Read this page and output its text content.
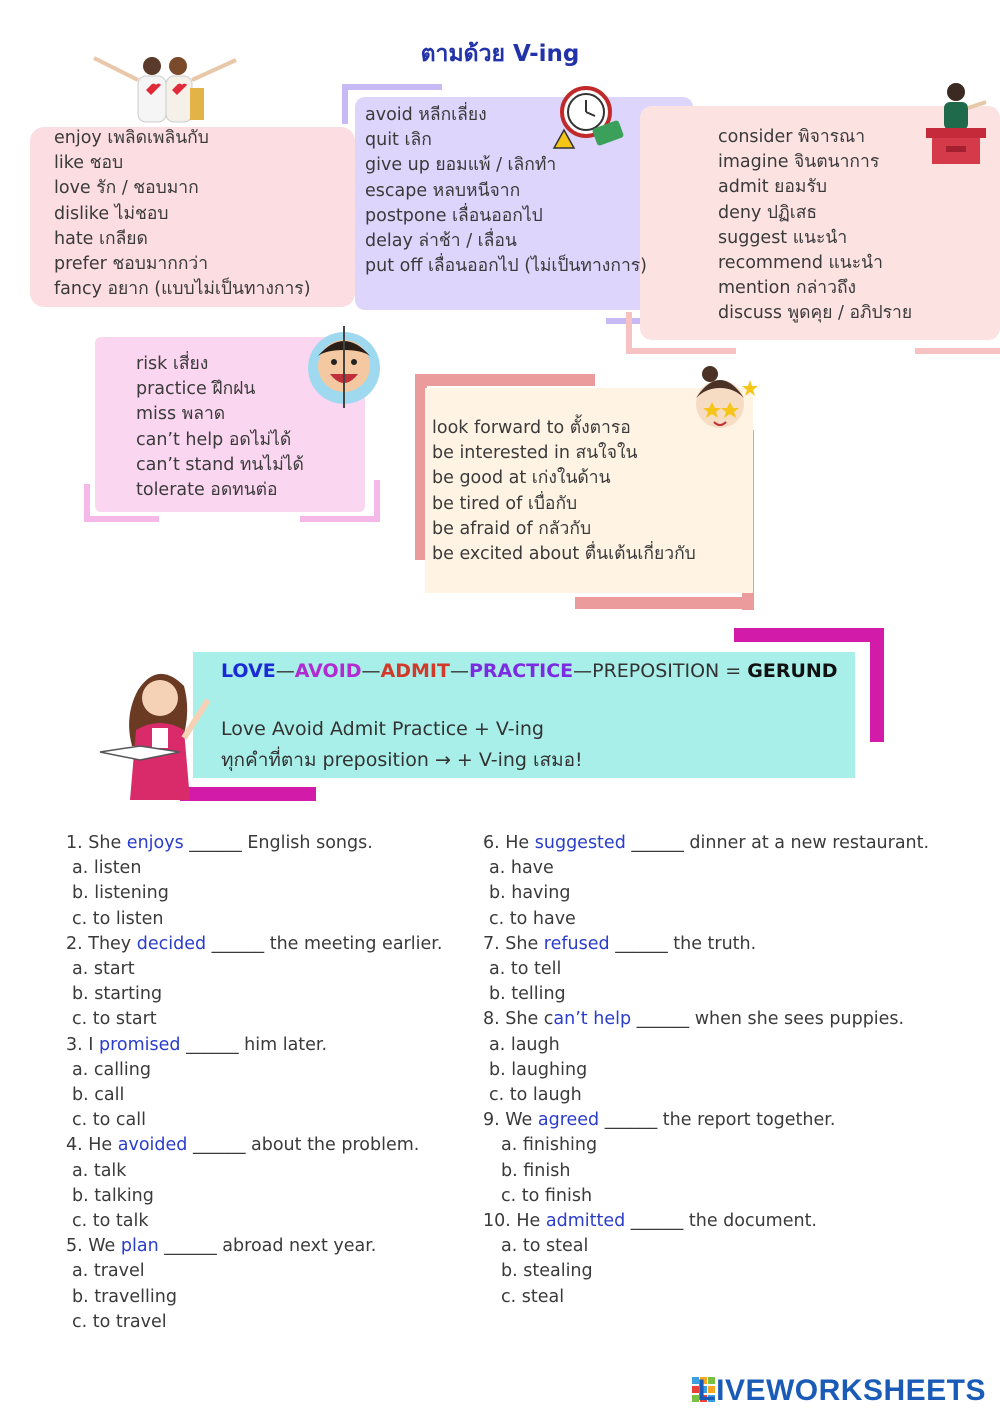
ตามด้วย V-ing
enjoy เพลิดเพลินกับ
like ชอบ
love รัก / ชอบมาก
dislike ไม่ชอบ
hate เกลียด
prefer ชอบมากกว่า
fancy อยาก (แบบไม่เป็นทางการ)
avoid หลีกเลี่ยง
quit เลิก
give up ยอมแพ้ / เลิกทำ
escape หลบหนีจาก
postpone เลื่อนออกไป
delay ล่าช้า / เลื่อน
put off เลื่อนออกไป (ไม่เป็นทางการ)
consider พิจารณา
imagine จินตนาการ
admit ยอมรับ
deny ปฏิเสธ
suggest แนะนำ
recommend แนะนำ
mention กล่าวถึง
discuss พูดคุย / อภิปราย
risk เสี่ยง
practice ฝึกฝน
miss พลาด
can’t help อดไม่ได้
can’t stand ทนไม่ได้
tolerate อดทนต่อ
look forward to ตั้งตารอ
be interested in สนใจใน
be good at เก่งในด้าน
be tired of เบื่อกับ
be afraid of กลัวกับ
be excited about ตื่นเต้นเกี่ยวกับ
LOVE—AVOID—ADMIT—PRACTICE—PREPOSITION = GERUND
Love Avoid Admit Practice + V-ing
ทุกคำที่ตาม preposition → + V-ing เสมอ!
1. She enjoys ______ English songs.
a. listen
b. listening
c. to listen
2. They decided ______ the meeting earlier.
a. start
b. starting
c. to start
3. I promised ______ him later.
a. calling
b. call
c. to call
4. He avoided ______ about the problem.
a. talk
b. talking
c. to talk
5. We plan ______ abroad next year.
a. travel
b. travelling
c. to travel
6. He suggested ______ dinner at a new restaurant.
a. have
b. having
c. to have
7. She refused ______ the truth.
a. to tell
b. telling
8. She can’t help ______ when she sees puppies.
a. laugh
b. laughing
c. to laugh
9. We agreed ______ the report together.
a. finishing
b. finish
c. to finish
10. He admitted ______ the document.
a. to steal
b. stealing
c. steal
LIVEWORKSHEETS
